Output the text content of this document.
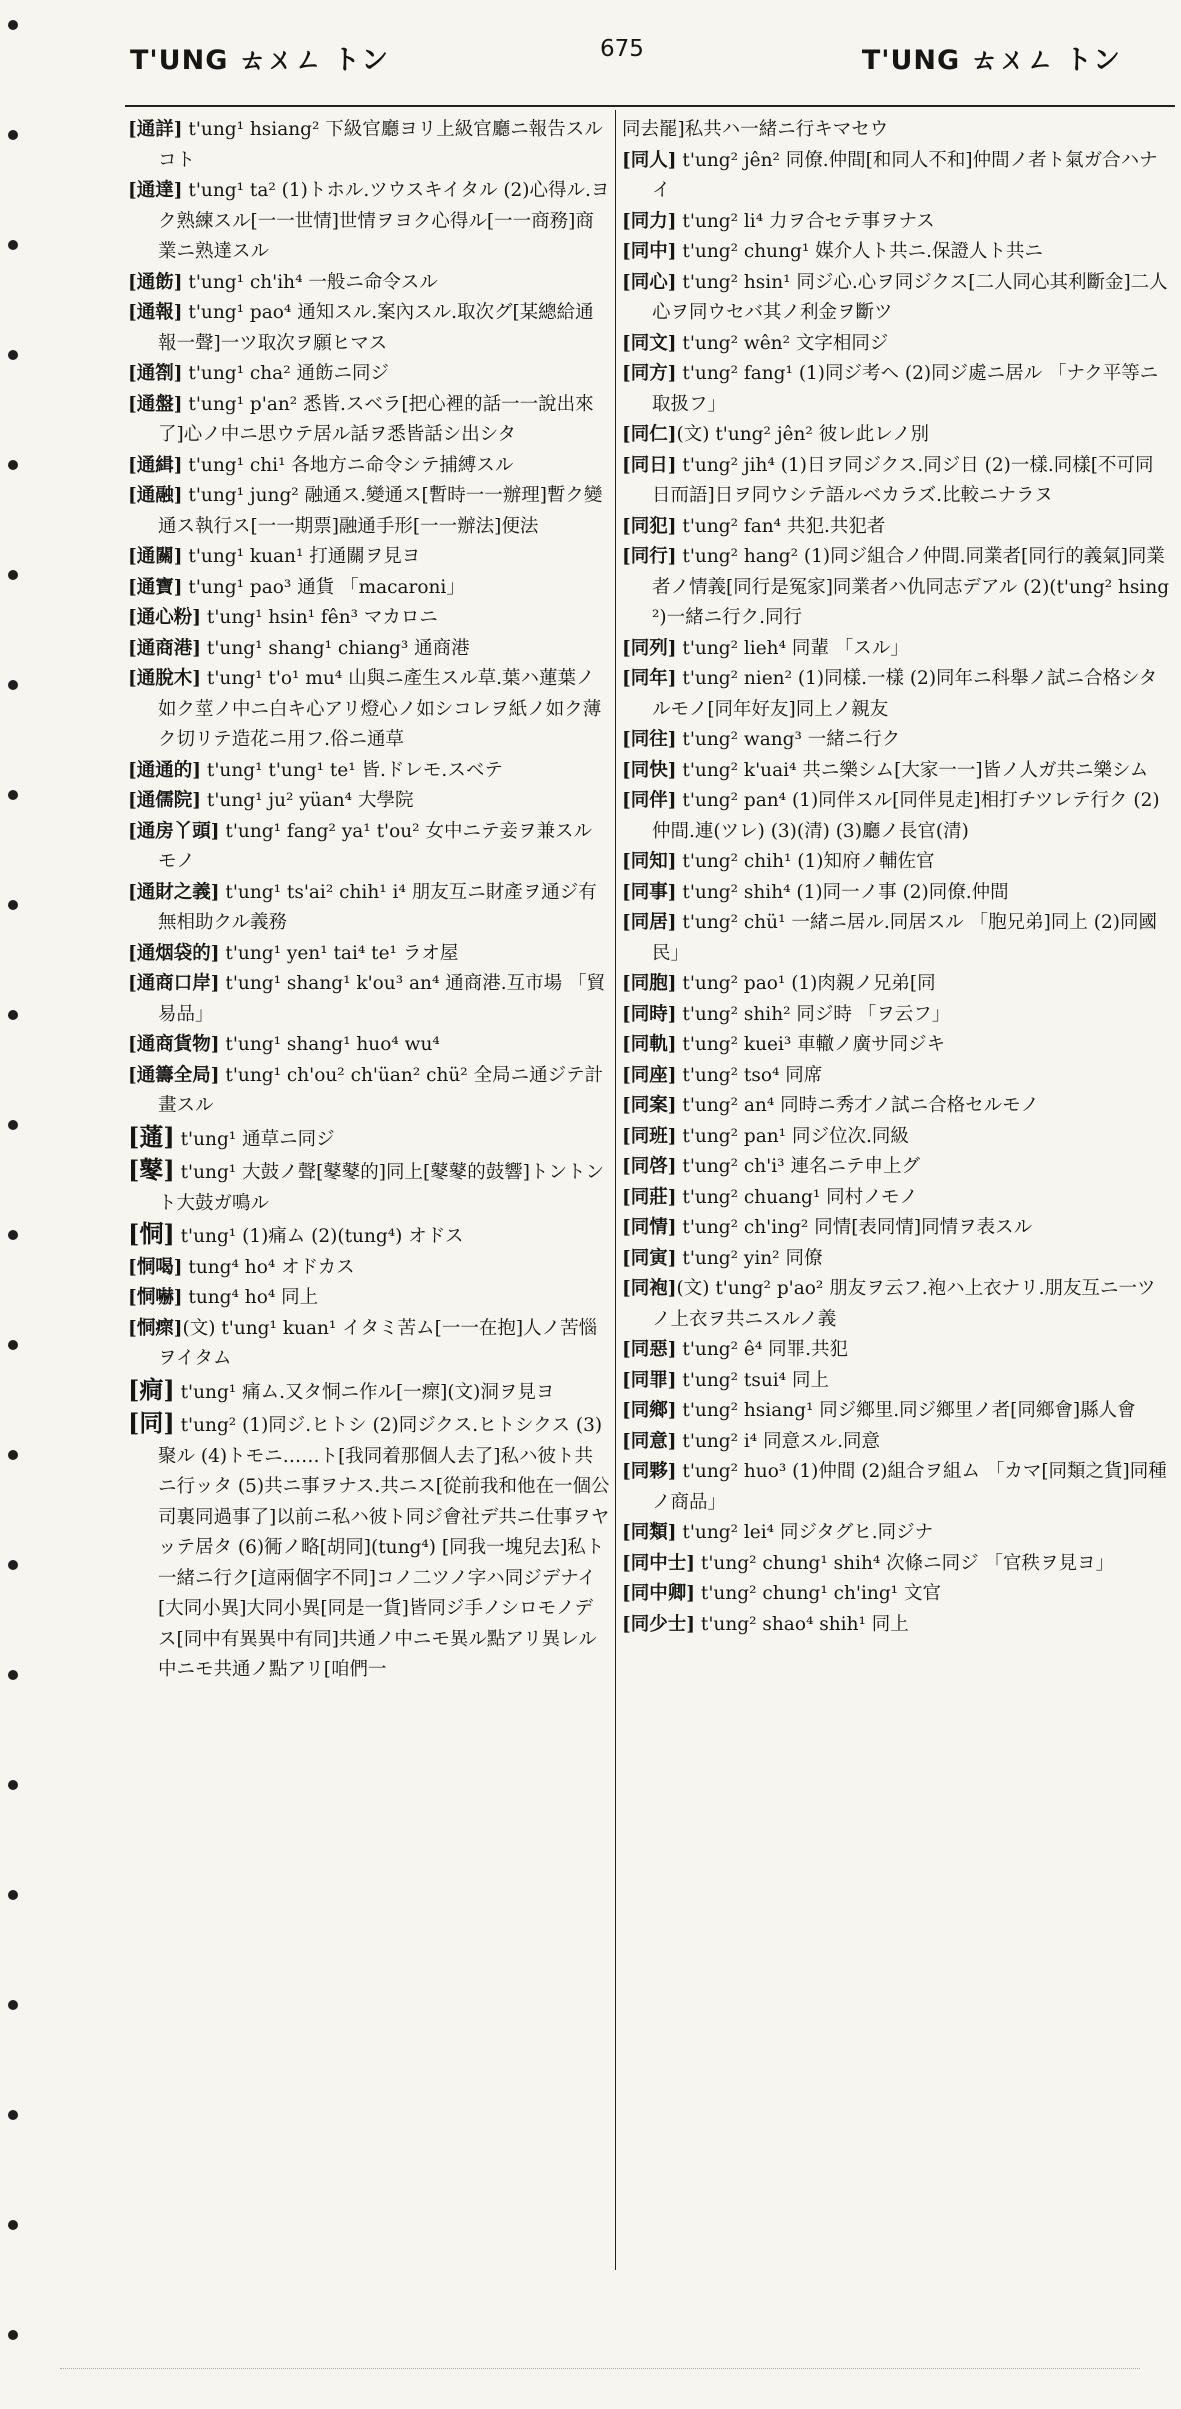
T'UNG ㄊㄨㄥ トン	675	T'UNG ㄊㄨㄥ トン

[通詳] t'ung¹ hsiang² 下級官廳ヨリ上級官廳ニ報告スルコト

[通達] t'ung¹ ta² (1)トホル.ツウスキイタル (2)心得ル.ヨク熟練スル[一一世情]世情ヲヨク心得ル[一一商務]商業ニ熟達スル

[通飭] t'ung¹ ch'ih⁴ 一般ニ命令スル

[通報] t'ung¹ pao⁴ 通知スル.案內スル.取次グ[某總給通報一聲]一ツ取次ヲ願ヒマス

[通劄] t'ung¹ cha² 通飭ニ同ジ

[通盤] t'ung¹ p'an² 悉皆.スベラ[把心裡的話一一說出來了]心ノ中ニ思ウテ居ル話ヲ悉皆話シ出シタ

[通緝] t'ung¹ chi¹ 各地方ニ命令シテ捕縛スル

[通融] t'ung¹ jung² 融通ス.變通ス[暫時一一辦理]暫ク變通ス執行ス[一一期票]融通手形[一一辦法]便法

[通關] t'ung¹ kuan¹ 打通關ヲ見ヨ

[通寶] t'ung¹ pao³ 通貨 「macaroni」

[通心粉] t'ung¹ hsin¹ fên³ マカロニ

[通商港] t'ung¹ shang¹ chiang³ 通商港

[通脫木] t'ung¹ t'o¹ mu⁴ 山與ニ產生スル草.葉ハ蓮葉ノ如ク莖ノ中ニ白キ心アリ燈心ノ如シコレヲ紙ノ如ク薄ク切リテ造花ニ用フ.俗ニ通草

[通通的] t'ung¹ t'ung¹ te¹ 皆.ドレモ.スベテ

[通儒院] t'ung¹ ju² yüan⁴ 大學院

[通房丫頭] t'ung¹ fang² ya¹ t'ou² 女中ニテ妾ヲ兼スルモノ

[通財之義] t'ung¹ ts'ai² chih¹ i⁴ 朋友互ニ財產ヲ通ジ有無相助クル義務

[通烟袋的] t'ung¹ yen¹ tai⁴ te¹ ラオ屋

[通商口岸] t'ung¹ shang¹ k'ou³ an⁴ 通商港.互市場 「貿易品」

[通商貨物] t'ung¹ shang¹ huo⁴ wu⁴

[通籌全局] t'ung¹ ch'ou² ch'üan² chü² 全局ニ通ジテ計畫スル

[蓪] t'ung¹ 通草ニ同ジ

[鼕] t'ung¹ 大鼓ノ聲[鼕鼕的]同上[鼕鼕的鼓響]トントント大鼓ガ鳴ル

[恫] t'ung¹ (1)痛ム (2)(tung⁴) オドス

[恫喝] tung⁴ ho⁴ オドカス

[恫嚇] tung⁴ ho⁴ 同上

[恫瘝](文) t'ung¹ kuan¹ イタミ苦ム[一一在抱]人ノ苦惱ヲイタム

[痌] t'ung¹ 痛ム.又タ恫ニ作ル[一瘝](文)洞ヲ見ヨ

[同] t'ung² (1)同ジ.ヒトシ (2)同ジクス.ヒトシクス (3)聚ル (4)トモニ……ト[我同着那個人去了]私ハ彼ト共ニ行ッタ (5)共ニ事ヲナス.共ニス[從前我和他在一個公司裏同過事了]以前ニ私ハ彼ト同ジ會社デ共ニ仕事ヲヤッテ居タ (6)衕ノ略[胡同](tung⁴) [同我一塊兒去]私ト一緒ニ行ク[這兩個字不同]コノ二ツノ字ハ同ジデナイ[大同小異]大同小異[同是一貨]皆同ジ手ノシロモノデス[同中有異異中有同]共通ノ中ニモ異ル點アリ異レル中ニモ共通ノ點アリ[咱們一

同去罷]私共ハ一緒ニ行キマセウ

[同人] t'ung² jên² 同僚.仲間[和同人不和]仲間ノ者ト氣ガ合ハナイ

[同力] t'ung² li⁴ 力ヲ合セテ事ヲナス

[同中] t'ung² chung¹ 媒介人ト共ニ.保證人ト共ニ

[同心] t'ung² hsin¹ 同ジ心.心ヲ同ジクス[二人同心其利斷金]二人心ヲ同ウセバ其ノ利金ヲ斷ツ

[同文] t'ung² wên² 文字相同ジ

[同方] t'ung² fang¹ (1)同ジ考ヘ (2)同ジ處ニ居ル 「ナク平等ニ取扱フ」

[同仁](文) t'ung² jên² 彼レ此レノ別

[同日] t'ung² jih⁴ (1)日ヲ同ジクス.同ジ日 (2)一樣.同樣[不可同日而語]日ヲ同ウシテ語ルベカラズ.比較ニナラヌ

[同犯] t'ung² fan⁴ 共犯.共犯者

[同行] t'ung² hang² (1)同ジ組合ノ仲間.同業者[同行的義氣]同業者ノ情義[同行是冤家]同業者ハ仇同志デアル (2)(t'ung² hsing²)一緒ニ行ク.同行

[同列] t'ung² lieh⁴ 同輩 「スル」

[同年] t'ung² nien² (1)同樣.一樣 (2)同年ニ科舉ノ試ニ合格シタルモノ[同年好友]同上ノ親友

[同往] t'ung² wang³ 一緒ニ行ク

[同快] t'ung² k'uai⁴ 共ニ樂シム[大家一一]皆ノ人ガ共ニ樂シム

[同伴] t'ung² pan⁴ (1)同伴スル[同伴見走]相打チツレテ行ク (2)仲間.連(ツレ) (3)(清) (3)廳ノ長官(清)

[同知] t'ung² chih¹ (1)知府ノ輔佐官

[同事] t'ung² shih⁴ (1)同一ノ事 (2)同僚.仲間

[同居] t'ung² chü¹ 一緒ニ居ル.同居スル 「胞兄弟]同上 (2)同國民」

[同胞] t'ung² pao¹ (1)肉親ノ兄弟[同

[同時] t'ung² shih² 同ジ時 「ヲ云フ」

[同軌] t'ung² kuei³ 車轍ノ廣サ同ジキ

[同座] t'ung² tso⁴ 同席

[同案] t'ung² an⁴ 同時ニ秀才ノ試ニ合格セルモノ

[同班] t'ung² pan¹ 同ジ位次.同級

[同啓] t'ung² ch'i³ 連名ニテ申上グ

[同莊] t'ung² chuang¹ 同村ノモノ

[同情] t'ung² ch'ing² 同情[表同情]同情ヲ表スル

[同寅] t'ung² yin² 同僚

[同袍](文) t'ung² p'ao² 朋友ヲ云フ.袍ハ上衣ナリ.朋友互ニ一ツノ上衣ヲ共ニスルノ義

[同惡] t'ung² ê⁴ 同罪.共犯

[同罪] t'ung² tsui⁴ 同上

[同鄉] t'ung² hsiang¹ 同ジ鄉里.同ジ鄉里ノ者[同鄉會]縣人會

[同意] t'ung² i⁴ 同意スル.同意

[同夥] t'ung² huo³ (1)仲間 (2)組合ヲ組ム 「カマ[同類之貨]同種ノ商品」

[同類] t'ung² lei⁴ 同ジタグヒ.同ジナ

[同中士] t'ung² chung¹ shih⁴ 次條ニ同ジ 「官秩ヲ見ヨ」

[同中卿] t'ung² chung¹ ch'ing¹ 文官

[同少士] t'ung² shao⁴ shih¹ 同上
